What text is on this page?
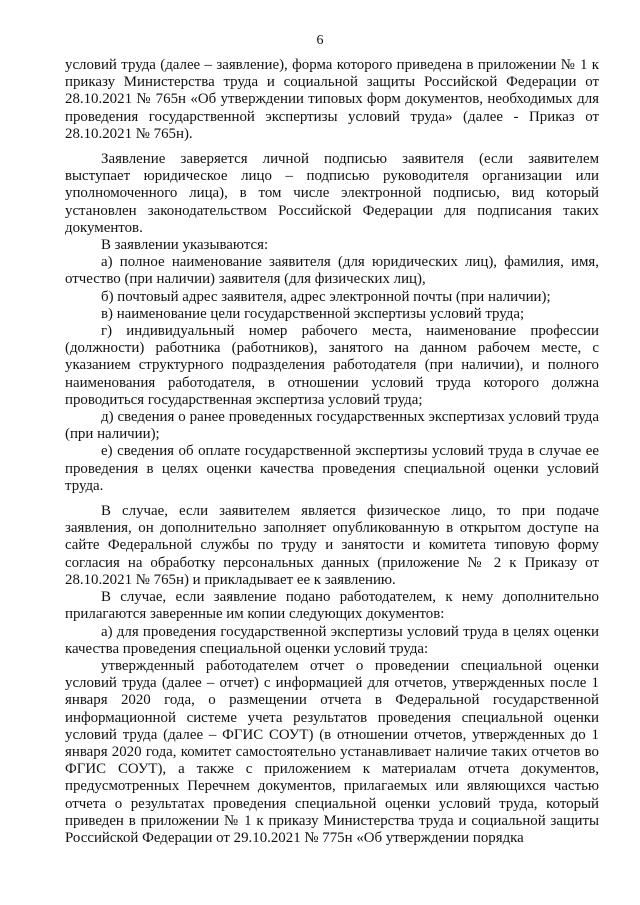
6

условий труда (далее – заявление), форма которого приведена в приложении № 1 к приказу Министерства труда и социальной защиты Российской Федерации от 28.10.2021 № 765н «Об утверждении типовых форм документов, необходимых для проведения государственной экспертизы условий труда» (далее - Приказ от 28.10.2021 № 765н).

Заявление заверяется личной подписью заявителя (если заявителем выступает юридическое лицо – подписью руководителя организации или уполномоченного лица), в том числе электронной подписью, вид который установлен законодательством Российской Федерации для подписания таких документов.

В заявлении указываются:

а) полное наименование заявителя (для юридических лиц), фамилия, имя, отчество (при наличии) заявителя (для физических лиц),

б) почтовый адрес заявителя, адрес электронной почты (при наличии);

в) наименование цели государственной экспертизы условий труда;

г) индивидуальный номер рабочего места, наименование профессии (должности) работника (работников), занятого на данном рабочем месте, с указанием структурного подразделения работодателя (при наличии), и полного наименования работодателя, в отношении условий труда которого должна проводиться государственная экспертиза условий труда;

д) сведения о ранее проведенных государственных экспертизах условий труда (при наличии);

е) сведения об оплате государственной экспертизы условий труда в случае ее проведения в целях оценки качества проведения специальной оценки условий труда.

В случае, если заявителем является физическое лицо, то при подаче заявления, он дополнительно заполняет опубликованную в открытом доступе на сайте Федеральной службы по труду и занятости и комитета типовую форму согласия на обработку персональных данных (приложение № 2 к Приказу от 28.10.2021 № 765н) и прикладывает ее к заявлению.

В случае, если заявление подано работодателем, к нему дополнительно прилагаются заверенные им копии следующих документов:

а) для проведения государственной экспертизы условий труда в целях оценки качества проведения специальной оценки условий труда:

утвержденный работодателем отчет о проведении специальной оценки условий труда (далее – отчет) с информацией для отчетов, утвержденных после 1 января 2020 года, о размещении отчета в Федеральной государственной информационной системе учета результатов проведения специальной оценки условий труда (далее – ФГИС СОУТ) (в отношении отчетов, утвержденных до 1 января 2020 года, комитет самостоятельно устанавливает наличие таких отчетов во ФГИС СОУТ), а также с приложением к материалам отчета документов, предусмотренных Перечнем документов, прилагаемых или являющихся частью отчета о результатах проведения специальной оценки условий труда, который приведен в приложении № 1 к приказу Министерства труда и социальной защиты Российской Федерации от 29.10.2021 № 775н «Об утверждении порядка
